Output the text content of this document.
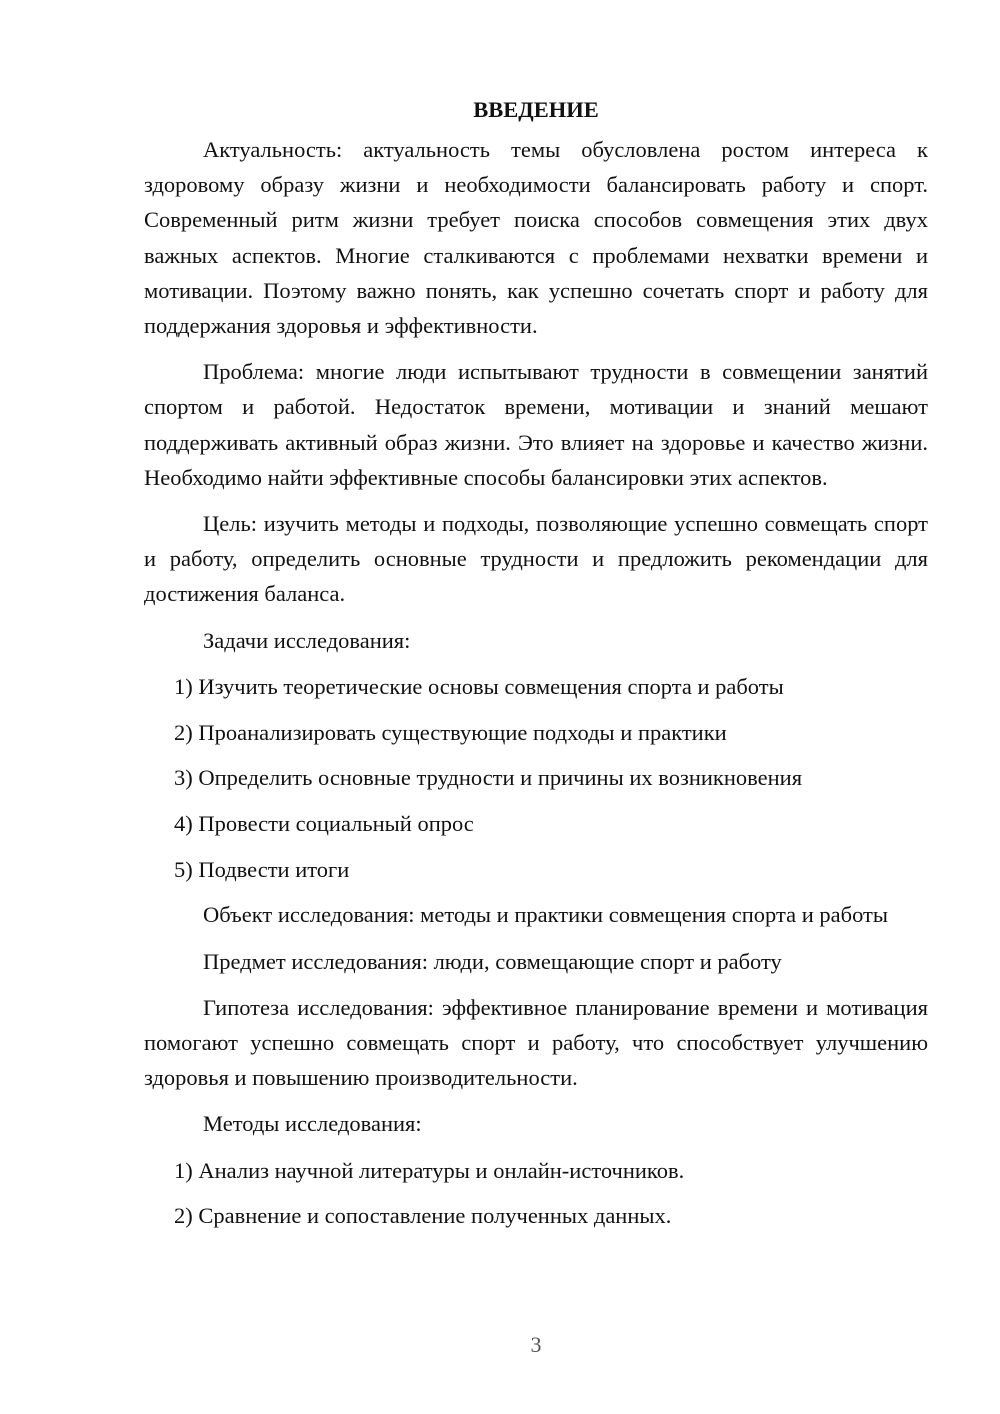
ВВЕДЕНИЕ

Актуальность: актуальность темы обусловлена ростом интереса к здоровому образу жизни и необходимости балансировать работу и спорт. Современный ритм жизни требует поиска способов совмещения этих двух важных аспектов. Многие сталкиваются с проблемами нехватки времени и мотивации. Поэтому важно понять, как успешно сочетать спорт и работу для поддержания здоровья и эффективности.

Проблема: многие люди испытывают трудности в совмещении занятий спортом и работой. Недостаток времени, мотивации и знаний мешают поддерживать активный образ жизни. Это влияет на здоровье и качество жизни. Необходимо найти эффективные способы балансировки этих аспектов.

Цель: изучить методы и подходы, позволяющие успешно совмещать спорт и работу, определить основные трудности и предложить рекомендации для достижения баланса.

Задачи исследования:

1) Изучить теоретические основы совмещения спорта и работы
2) Проанализировать существующие подходы и практики
3) Определить основные трудности и причины их возникновения
4) Провести социальный опрос
5) Подвести итоги

Объект исследования: методы и практики совмещения спорта и работы

Предмет исследования: люди, совмещающие спорт и работу

Гипотеза исследования: эффективное планирование времени и мотивация помогают успешно совмещать спорт и работу, что способствует улучшению здоровья и повышению производительности.

Методы исследования:

1) Анализ научной литературы и онлайн-источников.
2) Сравнение и сопоставление полученных данных.
3
